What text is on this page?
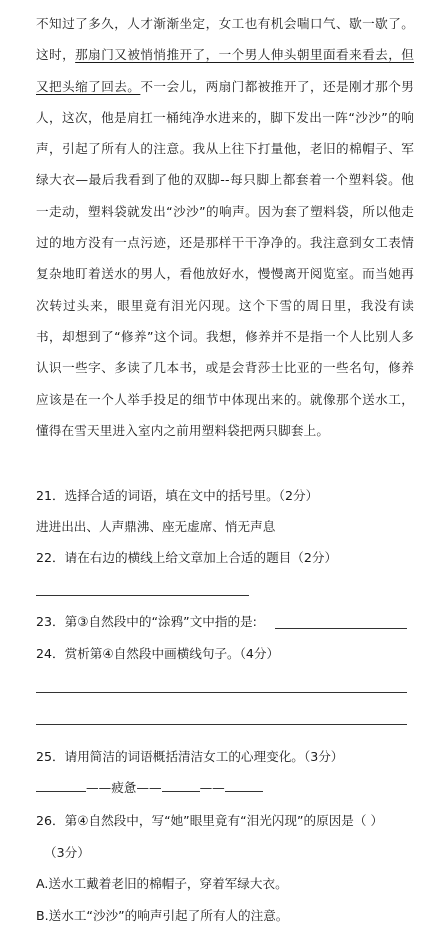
不知过了多久，人才渐渐坐定，女工也有机会喘口气、歇一歇了。这时，那扇门又被悄悄推开了，一个男人伸头朝里面看来看去，但又把头缩了回去。不一会儿，两扇门都被推开了，还是刚才那个男人，这次，他是肩扛一桶纯净水进来的，脚下发出一阵“沙沙”的响声，引起了所有人的注意。我从上往下打量他，老旧的棉帽子、军绿大衣—最后我看到了他的双脚--每只脚上都套着一个塑料袋。他一走动，塑料袋就发出“沙沙”的响声。因为套了塑料袋，所以他走过的地方没有一点污迹，还是那样干干净净的。我注意到女工表情复杂地盯着送水的男人，看他放好水，慢慢离开阅览室。而当她再次转过头来，眼里竟有泪光闪现。这个下雪的周日里，我没有读书，却想到了“修养”这个词。我想，修养并不是指一个人比别人多认识一些字、多读了几本书，或是会背莎士比亚的一些名句，修养应该是在一个人举手投足的细节中体现出来的。就像那个送水工，懂得在雪天里进入室内之前用塑料袋把两只脚套上。
21．选择合适的词语，填在文中的括号里。（2分）
进进出出、人声鼎沸、座无虚席、悄无声息
22．请在右边的横线上给文章加上合适的题目（2分）
23．第③自然段中的“涂鸦”文中指的是:
24．赏析第④自然段中画横线句子。（4分）
25．请用简洁的词语概括清洁女工的心理变化。（3分）
——疲惫——	——
26．第④自然段中，写“她”眼里竟有“泪光闪现”的原因是（ ）
（3分）
A.送水工戴着老旧的棉帽子，穿着军绿大衣。
B.送水工“沙沙”的响声引起了所有人的注意。
